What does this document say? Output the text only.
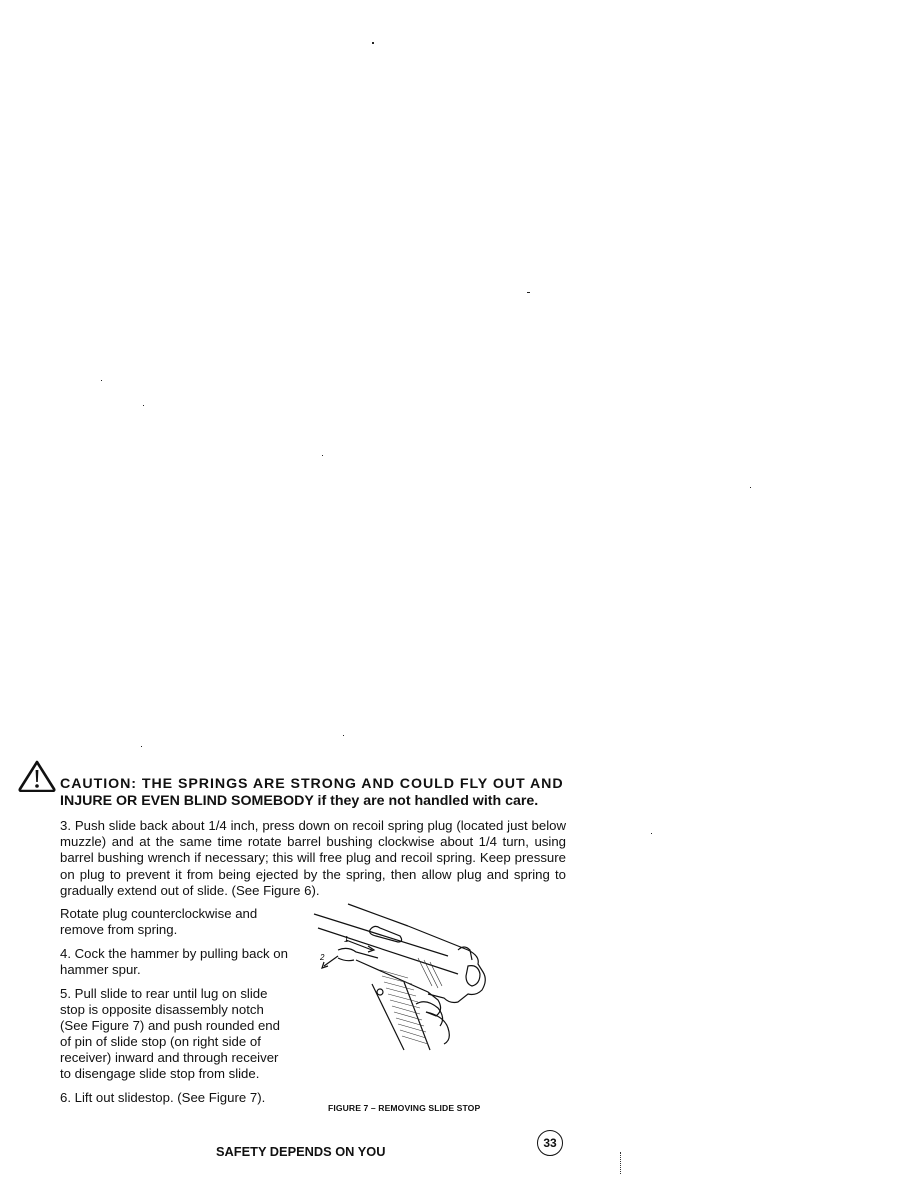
CAUTION: THE SPRINGS ARE STRONG AND COULD FLY OUT AND
INJURE OR EVEN BLIND SOMEBODY if they are not handled with care.
3. Push slide back about 1/4 inch, press down on recoil spring plug (located just below muzzle) and at the same time rotate barrel bushing clockwise about 1/4 turn, using barrel bushing wrench if necessary; this will free plug and recoil spring. Keep pressure on plug to prevent it from being ejected by the spring, then allow plug and spring to gradually extend out of slide. (See Figure 6).

Rotate plug counterclockwise and remove from spring.

4. Cock the hammer by pulling back on hammer spur.

5. Pull slide to rear until lug on slide stop is opposite disassembly notch (See Figure 7) and push rounded end of pin of slide stop (on right side of receiver) inward and through receiver to disengage slide stop from slide.

6. Lift out slidestop. (See Figure 7).

1
2
FIGURE 7 – REMOVING SLIDE STOP
SAFETY DEPENDS ON YOU
33
